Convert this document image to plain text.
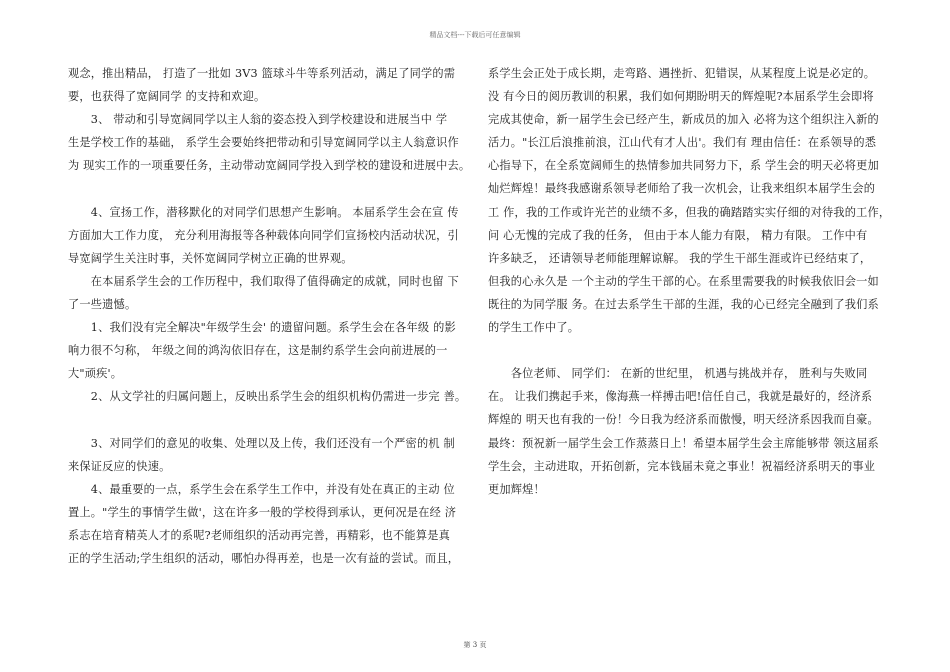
精品文档---下载后可任意编辑

观念，推出精品， 打造了一批如 3V3 篮球斗牛等系列活动，满足了同学的需

要，也获得了宽阔同学 的支持和欢迎。

　　3、 带动和引导宽阔同学以主人翁的姿态投入到学校建设和进展当中 学

生是学校工作的基础， 系学生会要始终把带动和引导宽阔同学以主人翁意识作

为 现实工作的一项重要任务，主动带动宽阔同学投入到学校的建设和进展中去。

　　4、宣扬工作，潜移默化的对同学们思想产生影响。 本届系学生会在宣 传

方面加大工作力度， 充分利用海报等各种载体向同学们宣扬校内活动状况，引

导宽阔学生关注时事，关怀宽阔同学树立正确的世界观。

　　在本届系学生会的工作历程中，我们取得了值得确定的成就，同时也留 下

了一些遗憾。

　　1、我们没有完全解决"年级学生会' 的遗留问题。系学生会在各年级 的影

响力很不匀称， 年级之间的鸿沟依旧存在，这是制约系学生会向前进展的一

大"顽疾'。

　　2、从文学社的归属问题上，反映出系学生会的组织机构仍需进一步完 善。

　　3、对同学们的意见的收集、处理以及上传，我们还没有一个严密的机 制

来保证反应的快速。

　　4、最重要的一点，系学生会在系学生工作中，并没有处在真正的主动 位

置上。"学生的事情学生做'，这在许多一般的学校得到承认，更何况是在经 济

系志在培育精英人才的系呢?老师组织的活动再完善，再精彩，也不能算是真

正的学生活动;学生组织的活动，哪怕办得再差，也是一次有益的尝试。而且，

系学生会正处于成长期，走弯路、遇挫折、犯错误，从某程度上说是必定的。

没 有今日的阅历教训的积累，我们如何期盼明天的辉煌呢?本届系学生会即将

完成其使命，新一届学生会已经产生，新成员的加入 必将为这个组织注入新的

活力。"长江后浪推前浪，江山代有才人出'。我们有 理由信任：在系领导的悉

心指导下，在全系宽阔师生的热情参加共同努力下，系 学生会的明天必将更加

灿烂辉煌！最终我感谢系领导老师给了我一次机会，让我来组织本届学生会的

工 作，我的工作或许光芒的业绩不多，但我的确踏踏实实仔细的对待我的工作，

问 心无愧的完成了我的任务， 但由于本人能力有限， 精力有限。 工作中有

许多缺乏， 还请领导老师能理解谅解。 我的学生干部生涯或许已经结束了，

但我的心永久是 一个主动的学生干部的心。在系里需要我的时候我依旧会一如

既往的为同学服 务。在过去系学生干部的生涯，我的心已经完全融到了我们系

的学生工作中了。

　　各位老师、 同学们： 在新的世纪里， 机遇与挑战并存， 胜利与失败同

在。 让我们携起手来，像海燕一样搏击吧!信任自己，我就是最好的，经济系

辉煌的 明天也有我的一份！今日我为经济系而傲慢，明天经济系因我而自豪。

最终：预祝新一届学生会工作蒸蒸日上！希望本届学生会主席能够带 领这届系

学生会，主动进取，开拓创新，完本钱届未竟之事业！祝福经济系明天的事业

更加辉煌！

第 3 页
